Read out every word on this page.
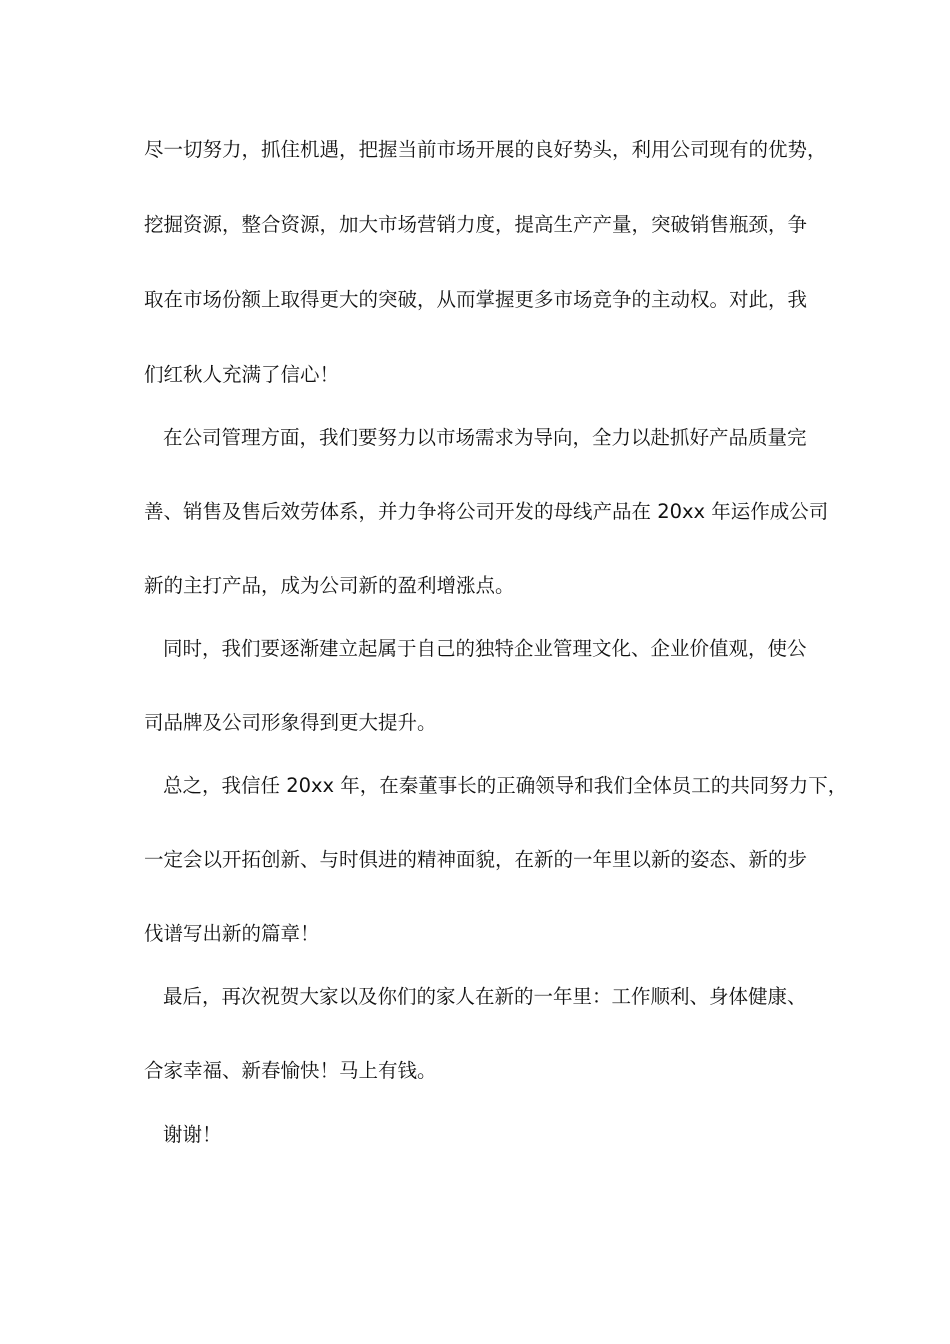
尽一切努力，抓住机遇，把握当前市场开展的良好势头，利用公司现有的优势，
挖掘资源，整合资源，加大市场营销力度，提高生产产量，突破销售瓶颈，争
取在市场份额上取得更大的突破，从而掌握更多市场竞争的主动权。对此，我
们红秋人充满了信心！
在公司管理方面，我们要努力以市场需求为导向，全力以赴抓好产品质量完
善、销售及售后效劳体系，并力争将公司开发的母线产品在 20xx 年运作成公司
新的主打产品，成为公司新的盈利增涨点。
同时，我们要逐渐建立起属于自己的独特企业管理文化、企业价值观，使公
司品牌及公司形象得到更大提升。
总之，我信任 20xx 年，在秦董事长的正确领导和我们全体员工的共同努力下，
一定会以开拓创新、与时俱进的精神面貌，在新的一年里以新的姿态、新的步
伐谱写出新的篇章！
最后，再次祝贺大家以及你们的家人在新的一年里：工作顺利、身体健康、
合家幸福、新春愉快！马上有钱。
谢谢！
